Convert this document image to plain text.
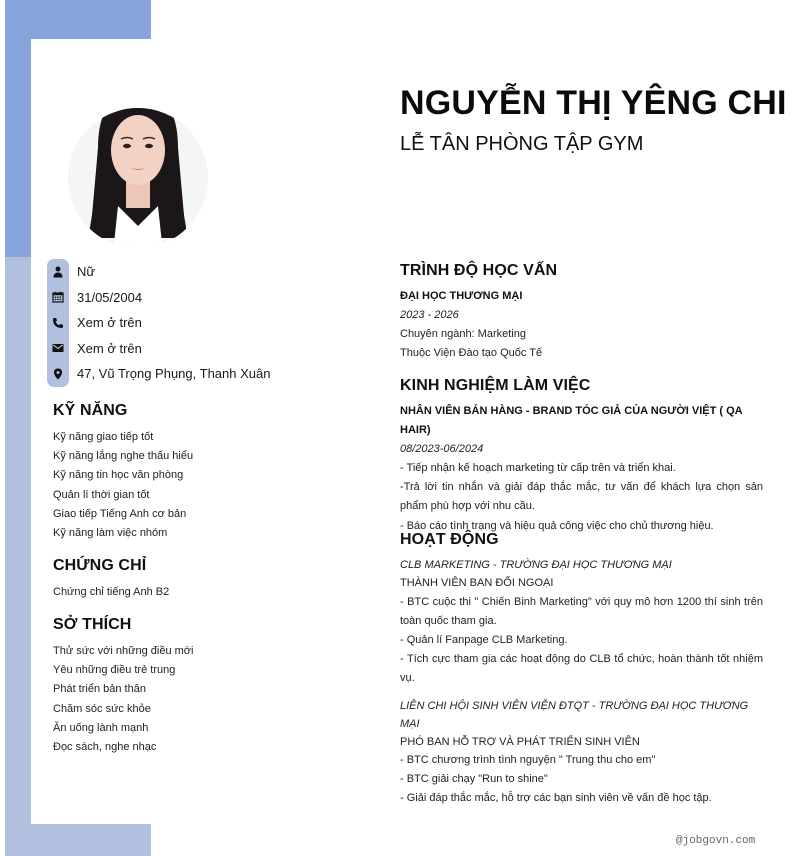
Nữ
31/05/2004
Xem ở trên
Xem ở trên
47, Vũ Trọng Phụng, Thanh Xuân
KỸ NĂNG
Kỹ năng giao tiếp tốt
Kỹ năng lắng nghe thấu hiểu
Kỹ năng tin học văn phòng
Quản lí thời gian tốt
Giao tiếp Tiếng Anh cơ bản
Kỹ năng làm việc nhóm
CHỨNG CHỈ
Chứng chỉ tiếng Anh B2
SỞ THÍCH
Thử sức với những điều mới
Yêu những điều trẻ trung
Phát triển bản thân
Chăm sóc sức khỏe
Ăn uống lành mạnh
Đọc sách, nghe nhạc
NGUYỄN THỊ YÊNG CHI
LỄ TÂN PHÒNG TẬP GYM
TRÌNH ĐỘ HỌC VẤN
ĐẠI HỌC THƯƠNG MẠI
2023 - 2026
Chuyên ngành: Marketing
Thuộc Viện Đào tạo Quốc Tế
KINH NGHIỆM LÀM VIỆC
NHÂN VIÊN BÁN HÀNG - BRAND TÓC GIẢ CỦA NGƯỜI VIỆT ( QA HAIR)
08/2023-06/2024
- Tiếp nhận kế hoạch marketing từ cấp trên và triển khai.
-Trả lời tin nhắn và giải đáp thắc mắc, tư vấn để khách lựa chọn sản phẩm phù hợp với nhu cầu.
- Báo cáo tình trạng và hiệu quả công việc cho chủ thương hiệu.
HOẠT ĐỘNG
CLB MARKETING - TRƯỜNG ĐẠI HỌC THƯƠNG MẠI
THÀNH VIÊN BAN ĐỐI NGOẠI
- BTC cuộc thi " Chiến Binh Marketing" với quy mô hơn 1200 thí sinh trên toàn quốc tham gia.
- Quản lí Fanpage CLB Marketing.
- Tích cực tham gia các hoạt động do CLB tổ chức, hoàn thành tốt nhiệm vụ.
LIÊN CHI HỘI SINH VIÊN VIỆN ĐTQT - TRƯỜNG ĐẠI HỌC THƯƠNG MẠI
PHÓ BAN HỖ TRỢ VÀ PHÁT TRIỂN SINH VIÊN
- BTC chương trình tình nguyện " Trung thu cho em"
- BTC giải chạy "Run to shine"
- Giải đáp thắc mắc, hỗ trợ các bạn sinh viên về vấn đề học tập.
@jobgovn.com
